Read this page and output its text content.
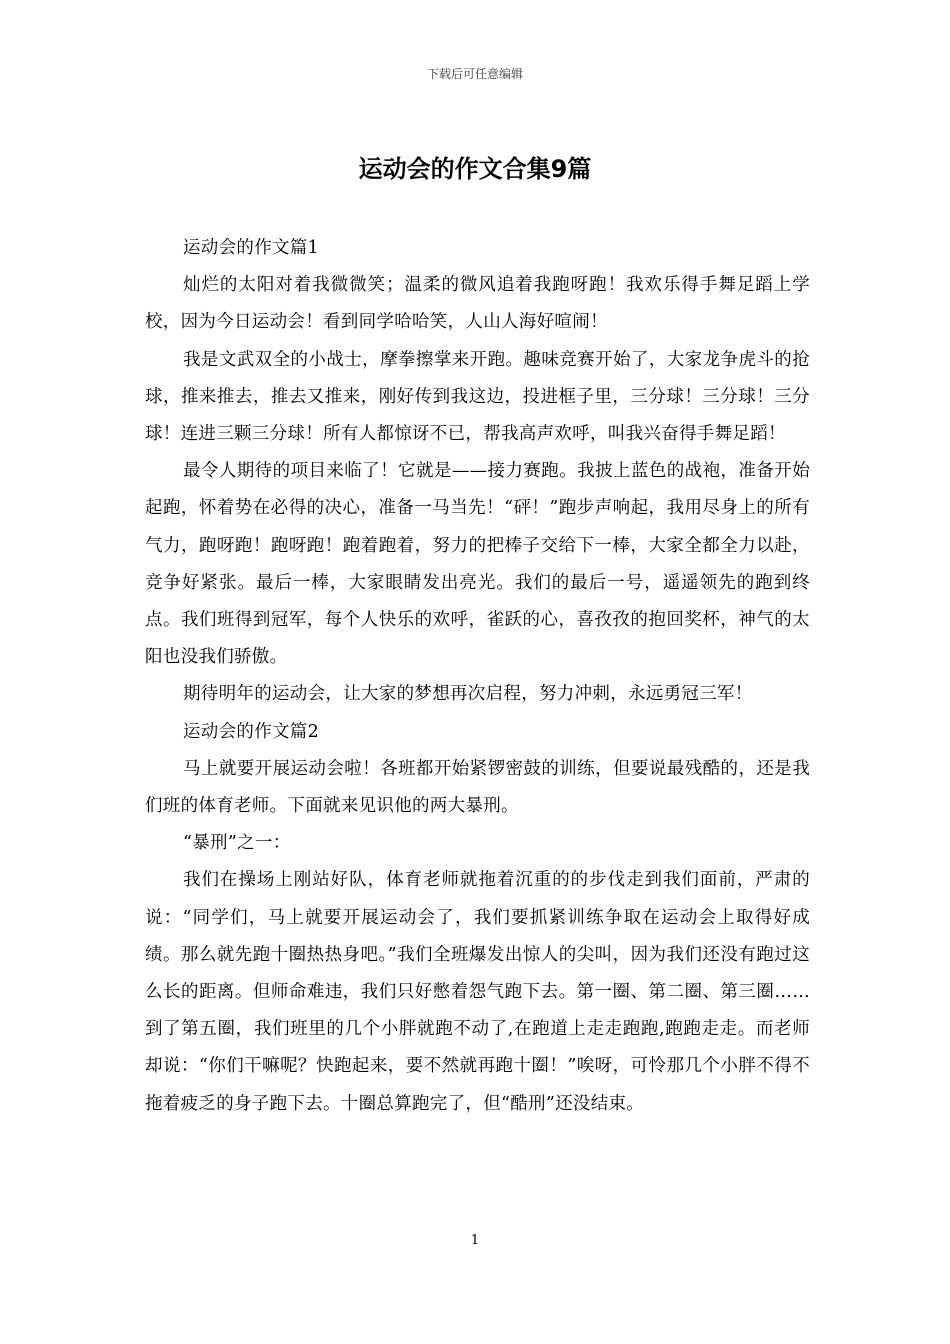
下载后可任意编辑
运动会的作文合集9篇

运动会的作文篇1

灿烂的太阳对着我微微笑；温柔的微风追着我跑呀跑！我欢乐得手舞足蹈上学校，因为今日运动会！看到同学哈哈笑，人山人海好喧闹！

我是文武双全的小战士，摩拳擦掌来开跑。趣味竞赛开始了，大家龙争虎斗的抢球，推来推去，推去又推来，刚好传到我这边，投进框子里，三分球！三分球！三分球！连进三颗三分球！所有人都惊讶不已，帮我高声欢呼，叫我兴奋得手舞足蹈！

最令人期待的项目来临了！它就是——接力赛跑。我披上蓝色的战袍，准备开始起跑，怀着势在必得的决心，准备一马当先！“砰！”跑步声响起，我用尽身上的所有气力，跑呀跑！跑呀跑！跑着跑着，努力的把棒子交给下一棒，大家全都全力以赴，竞争好紧张。最后一棒，大家眼睛发出亮光。我们的最后一号，遥遥领先的跑到终点。我们班得到冠军，每个人快乐的欢呼，雀跃的心，喜孜孜的抱回奖杯，神气的太阳也没我们骄傲。

期待明年的运动会，让大家的梦想再次启程，努力冲刺，永远勇冠三军！

运动会的作文篇2

马上就要开展运动会啦！各班都开始紧锣密鼓的训练，但要说最残酷的，还是我们班的体育老师。下面就来见识他的两大暴刑。

“暴刑”之一：

我们在操场上刚站好队，体育老师就拖着沉重的的步伐走到我们面前，严肃的说：“同学们，马上就要开展运动会了，我们要抓紧训练争取在运动会上取得好成绩。那么就先跑十圈热热身吧。”我们全班爆发出惊人的尖叫，因为我们还没有跑过这么长的距离。但师命难违，我们只好憋着怨气跑下去。第一圈、第二圈、第三圈……到了第五圈，我们班里的几个小胖就跑不动了,在跑道上走走跑跑,跑跑走走。而老师却说：“你们干嘛呢？快跑起来，要不然就再跑十圈！”唉呀，可怜那几个小胖不得不拖着疲乏的身子跑下去。十圈总算跑完了，但“酷刑”还没结束。

1
